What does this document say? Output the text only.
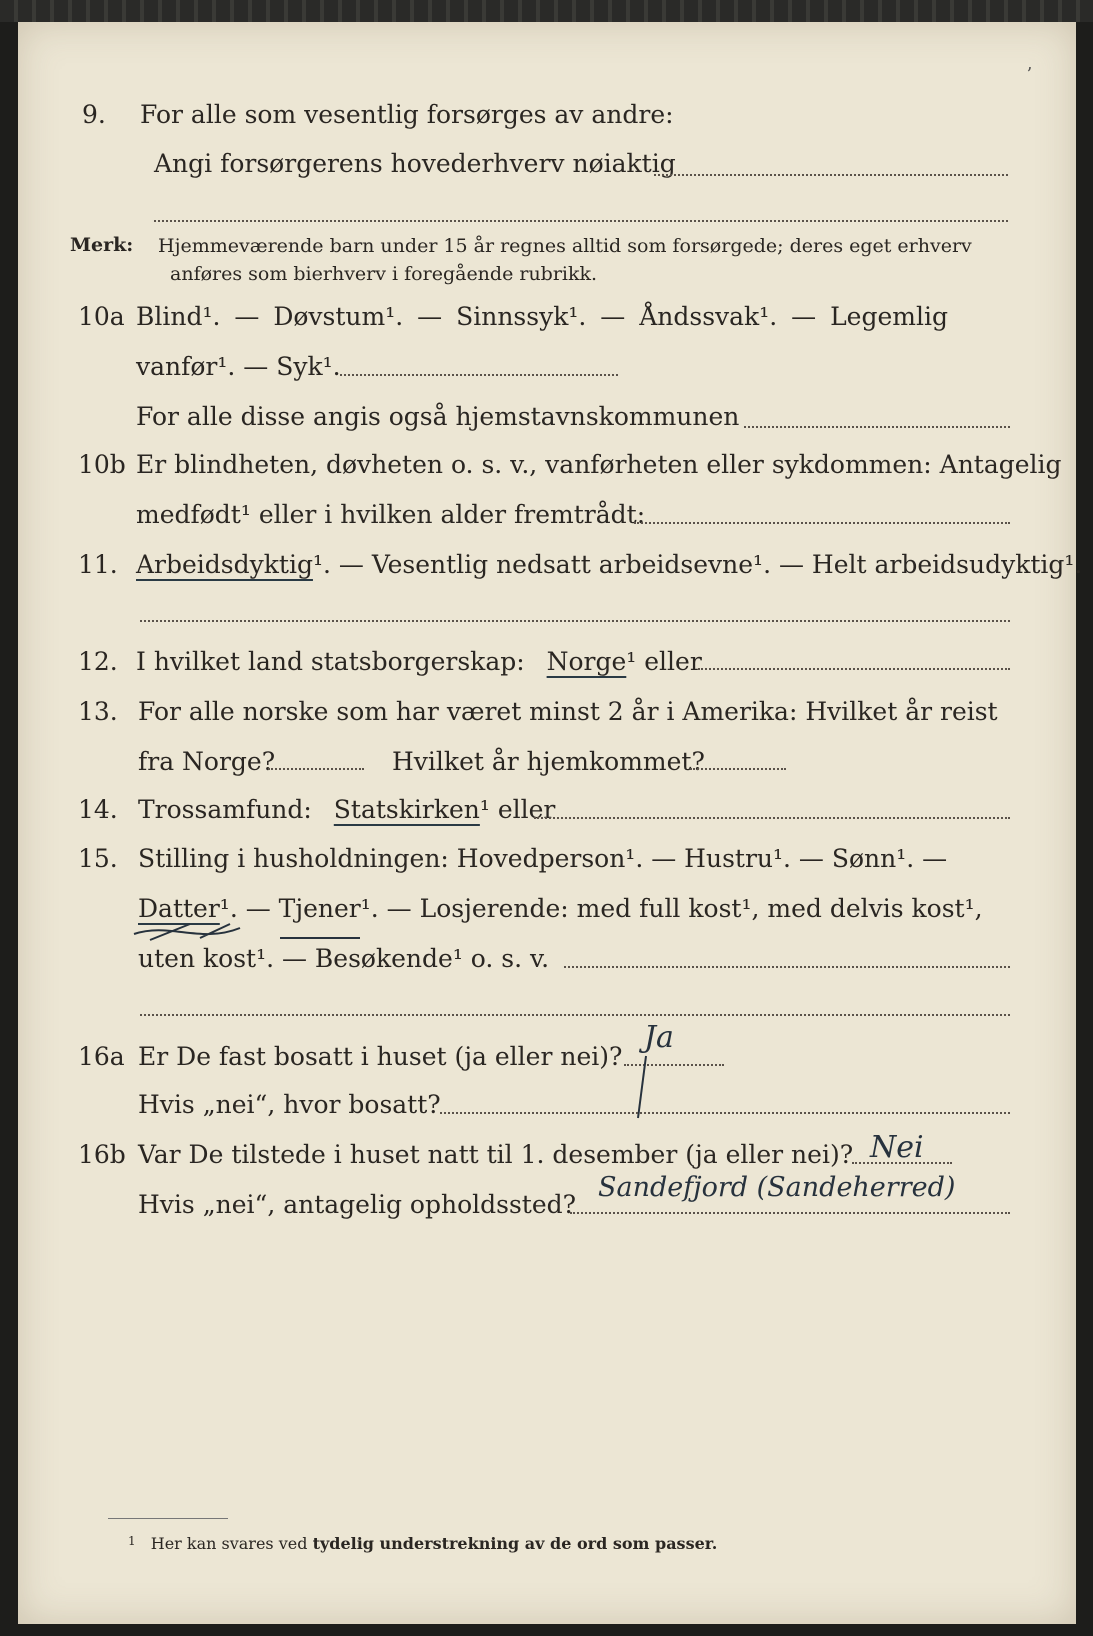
ʼ
9. For alle som vesentlig forsørges av andre:
Angi forsørgerens hovederhverv nøiaktig
Merk: Hjemmeværende barn under 15 år regnes alltid som forsørgede; deres eget erhverv
anføres som bierhverv i foregående rubrikk.
10a Blind¹. — Døvstum¹. — Sinnssyk¹. — Åndssvak¹. — Legemlig
vanfør¹. — Syk¹.
For alle disse angis også hjemstavnskommunen
10b Er blindheten, døvheten o. s. v., vanførheten eller sykdommen: Antagelig
medfødt¹ eller i hvilken alder fremtrådt:
11. Arbeidsdyktig¹. — Vesentlig nedsatt arbeidsevne¹. — Helt arbeidsudyktig¹.
12. I hvilket land statsborgerskap: Norge¹ eller
13. For alle norske som har været minst 2 år i Amerika: Hvilket år reist
fra Norge?	Hvilket år hjemkommet?
14. Trossamfund: Statskirken¹ eller
15. Stilling i husholdningen: Hovedperson¹. — Hustru¹. — Sønn¹. —
Datter¹. — Tjener¹. — Losjerende: med full kost¹, med delvis kost¹,
uten kost¹. — Besøkende¹ o. s. v.
16a Er De fast bosatt i huset (ja eller nei)?
Ja
Hvis „nei“, hvor bosatt?
16b Var De tilstede i huset natt til 1. desember (ja eller nei)? Nei
Hvis „nei“, antagelig opholdssted?
Sandefjord (Sandeherred)
$^1$ Her kan svares ved tydelig understrekning av de ord som passer.
